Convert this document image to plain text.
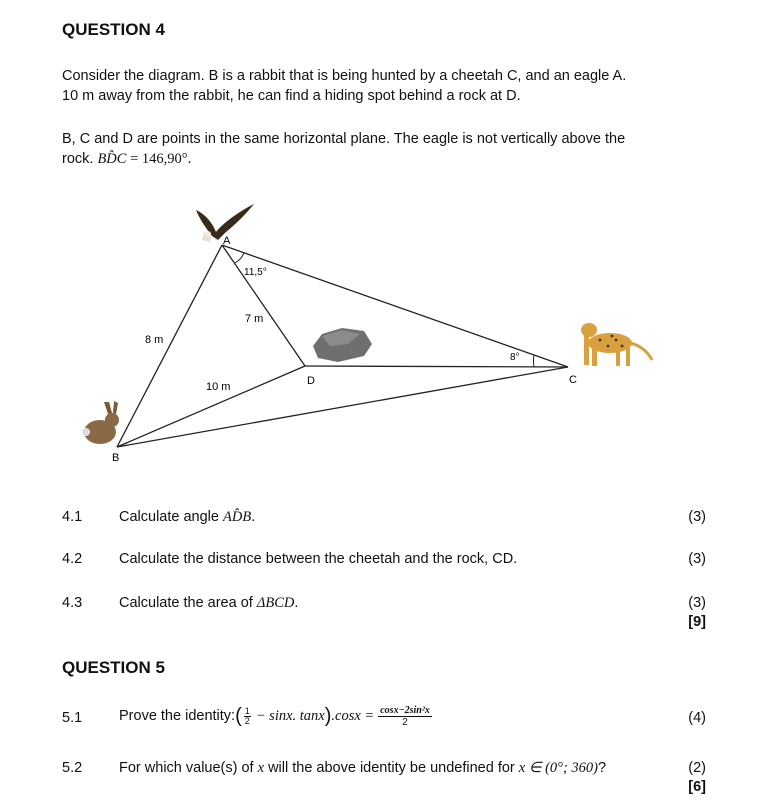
QUESTION 4
Consider the diagram. B is a rabbit that is being hunted by a cheetah C, and an eagle A.
10 m away from the rabbit, he can find a hiding spot behind a rock at D.
B, C and D are points in the same horizontal plane. The eagle is not vertically above the
rock. BD̂C = 146,90°.
A
B
C
D
11,5°
8°
8 m
7 m
10 m
4.1	Calculate angle AD̂B.	(3)
4.2	Calculate the distance between the cheetah and the rock, CD.	(3)
4.3	Calculate the area of ΔBCD.	(3)
[9]
QUESTION 5
5.1	Prove the identity: ( $\frac{1}{2} - \sin x$. tanx ) $.\cos x = \frac{\text{cosx−2sin²x}}{2}$	(4)
5.2	For which value(s) of x will the above identity be undefined for x ∈ (0°; 360)?	(2)
[6]
